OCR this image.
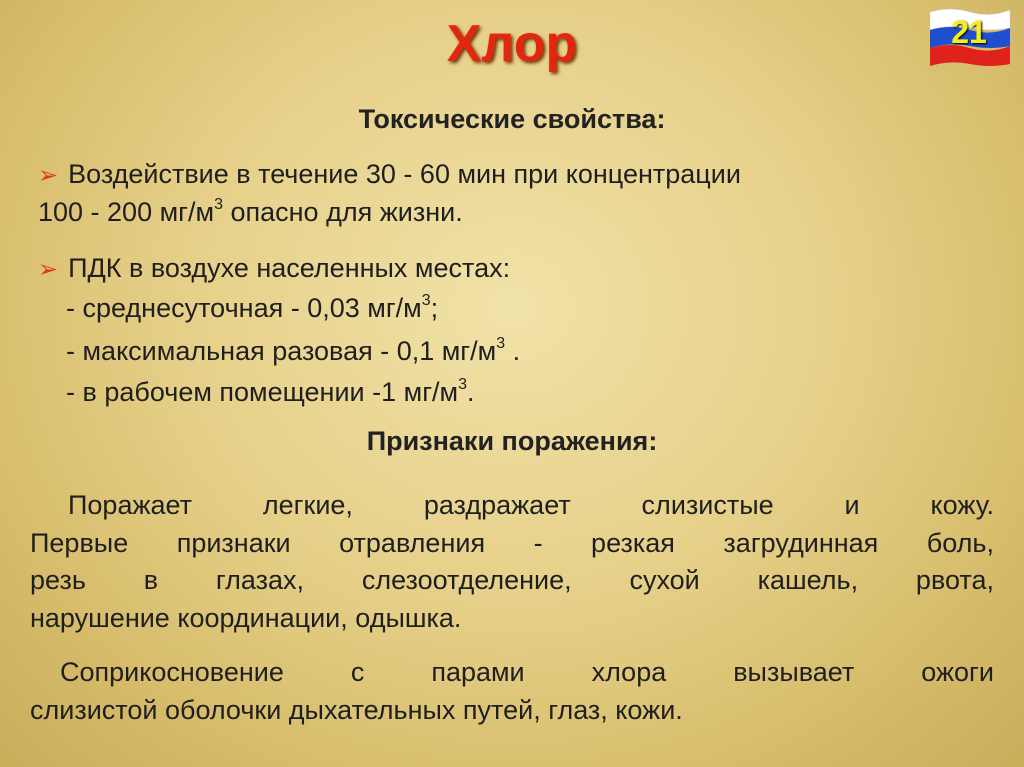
Хлор	21
Токсические свойства:
➢ Воздействие в течение 30 - 60 мин при концентрации
100 - 200 $мг/м^3$ опасно для жизни.
➢ ПДК в воздухе населенных местах:
- среднесуточная - 0,03 $мг/м^3$;
- максимальная разовая - 0,1 $мг/м^3$ .
- в рабочем помещении -1 $мг/м^3$.
Признаки поражения:
Поражает легкие, раздражает слизистые и кожу.
Первые признаки отравления - резкая загрудинная боль,
резь в глазах, слезоотделение, сухой кашель, рвота,
нарушение координации, одышка.
Соприкосновение с парами хлора вызывает ожоги
слизистой оболочки дыхательных путей, глаз, кожи.
